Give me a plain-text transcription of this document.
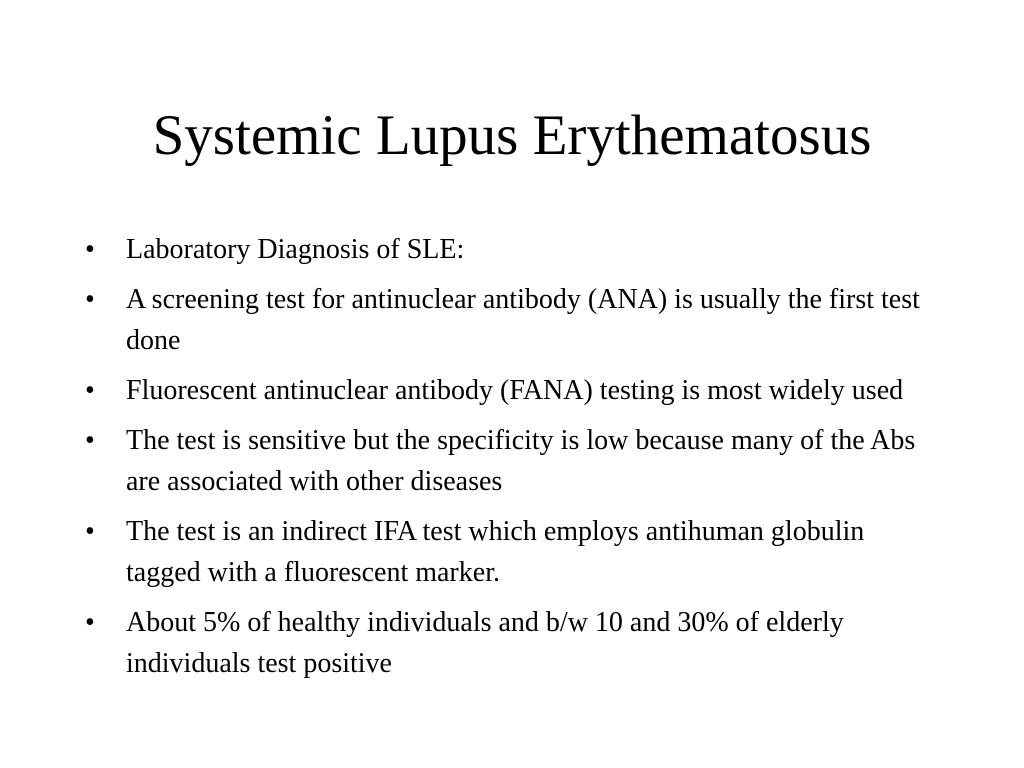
Systemic Lupus Erythematosus
•	Laboratory Diagnosis of SLE:
•	A screening test for antinuclear antibody (ANA) is usually the first test done
•	Fluorescent antinuclear antibody (FANA) testing is most widely used
•	The test is sensitive but the specificity is low because many of the Abs are associated with other diseases
•	The test is an indirect IFA test which employs antihuman globulin tagged with a fluorescent marker.
•	About 5% of healthy individuals and b/w 10 and 30% of elderly individuals test positive
